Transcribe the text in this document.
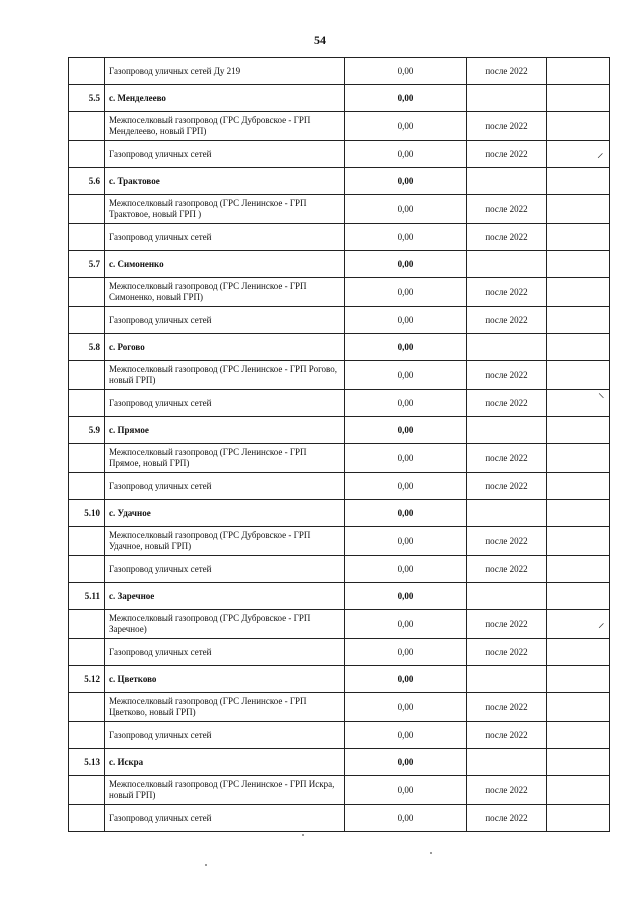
54
	Газопровод уличных сетей Ду 219	0,00	после 2022	
5.5	с. Менделеево	0,00		
	Межпоселковый газопровод (ГРС Дубровское - ГРП Менделеево, новый ГРП)	0,00	после 2022	
	Газопровод уличных сетей	0,00	после 2022	
5.6	с. Трактовое	0,00		
	Межпоселковый газопровод (ГРС Ленинское - ГРП Трактовое, новый ГРП )	0,00	после 2022	
	Газопровод уличных сетей	0,00	после 2022	
5.7	с. Симоненко	0,00		
	Межпоселковый газопровод (ГРС Ленинское - ГРП Симоненко, новый ГРП)	0,00	после 2022	
	Газопровод уличных сетей	0,00	после 2022	
5.8	с. Рогово	0,00		
	Межпоселковый газопровод (ГРС Ленинское - ГРП Рогово, новый ГРП)	0,00	после 2022	
	Газопровод уличных сетей	0,00	после 2022	
5.9	с. Прямое	0,00		
	Межпоселковый газопровод (ГРС Ленинское - ГРП Прямое, новый ГРП)	0,00	после 2022	
	Газопровод уличных сетей	0,00	после 2022	
5.10	с. Удачное	0,00		
	Межпоселковый газопровод (ГРС Дубровское - ГРП Удачное, новый ГРП)	0,00	после 2022	
	Газопровод уличных сетей	0,00	после 2022	
5.11	с. Заречное	0,00		
	Межпоселковый газопровод (ГРС Дубровское - ГРП Заречное)	0,00	после 2022	
	Газопровод уличных сетей	0,00	после 2022	
5.12	с. Цветково	0,00		
	Межпоселковый газопровод (ГРС Ленинское - ГРП Цветково, новый ГРП)	0,00	после 2022	
	Газопровод уличных сетей	0,00	после 2022	
5.13	с. Искра	0,00		
	Межпоселковый газопровод (ГРС Ленинское - ГРП Искра, новый ГРП)	0,00	после 2022	
	Газопровод уличных сетей	0,00	после 2022	
⸝
⸜
⸝
